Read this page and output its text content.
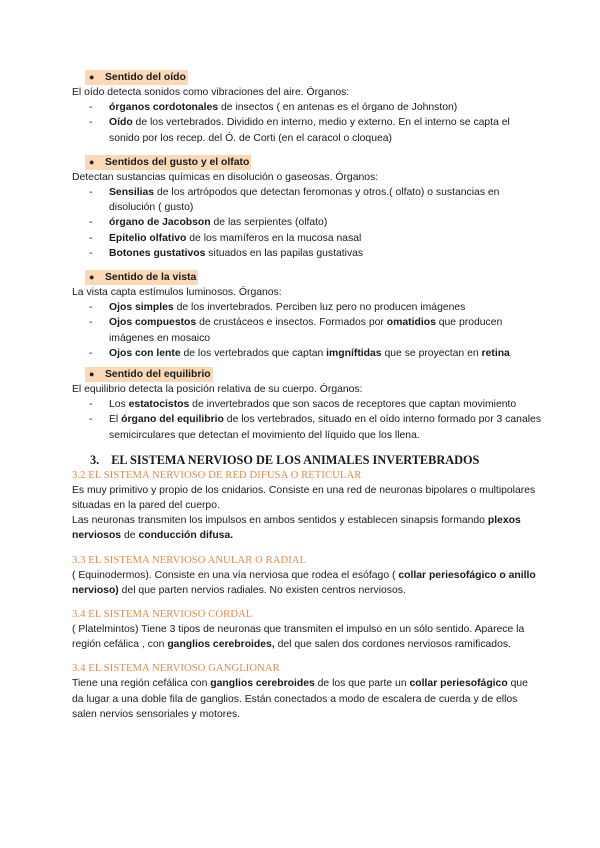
● Sentido del oído

El oído detecta sonidos como vibraciones del aire. Órganos:

- órganos cordotonales de insectos ( en antenas es el órgano de Johnston)
- Oído de los vertebrados. Dividido en interno, medio y externo. En el interno se capta el sonido por los recep. del Ó. de Corti (en el caracol o cloquea)
● Sentidos del gusto y el olfato

Detectan sustancias químicas en disolución o gaseosas. Órganos:

- Sensilias de los artrópodos que detectan feromonas y otros.( olfato) o sustancias en disolución ( gusto)
- órgano de Jacobson de las serpientes (olfato)
- Epitelio olfativo de los mamíferos en la mucosa nasal
- Botones gustativos situados en las papilas gustativas
● Sentido de la vista

La vista capta estímulos luminosos. Órganos:

- Ojos simples de los invertebrados. Perciben luz pero no producen imágenes
- Ojos compuestos de crustáceos e insectos. Formados por omatidios que producen imágenes en mosaico
- Ojos con lente de los vertebrados que captan imgníftidas que se proyectan en retina
● Sentido del equilibrio

El equilibrio detecta la posición relativa de su cuerpo. Órganos:

- Los estatocistos de invertebrados que son sacos de receptores que captan movimiento
- El órgano del equilibrio de los vertebrados, situado en el oído interno formado por 3 canales semicirculares que detectan el movimiento del líquido que los llena.
3. EL SISTEMA NERVIOSO DE LOS ANIMALES INVERTEBRADOS
3.2 EL SISTEMA NERVIOSO DE RED DIFUSA O RETICULAR

Es muy primitivo y propio de los cnidarios. Consiste en una red de neuronas bipolares o multipolares situadas en la pared del cuerpo.

Las neuronas transmiten los impulsos en ambos sentidos y establecen sinapsis formando plexos nerviosos de conducción difusa.

3.3 EL SISTEMA NERVIOSO ANULAR O RADIAL

( Equinodermos). Consiste en una vía nerviosa que rodea el esófago ( collar periesofágico o anillo nervioso) del que parten nervios radiales. No existen centros nerviosos.

3.4 EL SISTEMA NERVIOSO CORDAL

( Platelmintos) Tiene 3 tipos de neuronas que transmiten el impulso en un sólo sentido. Aparece la región cefálica , con ganglios cerebroides, del que salen dos cordones nerviosos ramificados.

3.4 EL SISTEMA NERVIOSO GANGLIONAR

Tiene una región cefálica con ganglios cerebroides de los que parte un collar periesofágico que da lugar a una doble fila de ganglios. Están conectados a modo de escalera de cuerda y de ellos salen nervios sensoriales y motores.
